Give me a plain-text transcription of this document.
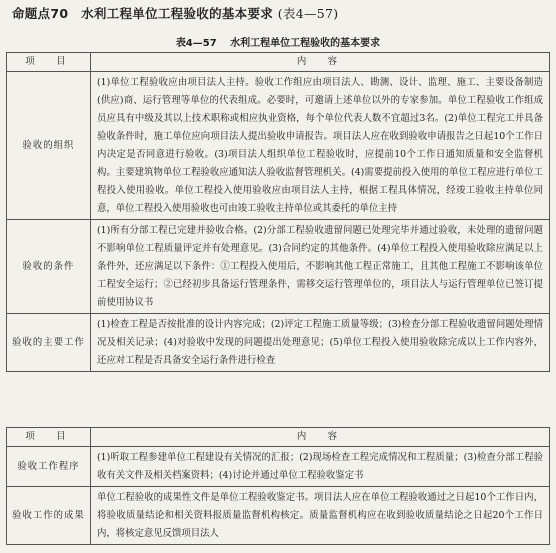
命题点70 水利工程单位工程验收的基本要求 (表4—57)
表4—57 水利工程单位工程验收的基本要求
项　目	内　容
验收的组织	(1)单位工程验收应由项目法人主持。验收工作组应由项目法人、勘测、设计、监理、施工、主要设备制造(供应)商、运行管理等单位的代表组成。必要时，可邀请上述单位以外的专家参加。单位工程验收工作组成员应具有中级及其以上技术职称或相应执业资格，每个单位代表人数不宜超过3名。(2)单位工程完工并具备验收条件时，施工单位应向项目法人提出验收申请报告。项目法人应在收到验收申请报告之日起10个工作日内决定是否同意进行验收。(3)项目法人组织单位工程验收时，应提前10个工作日通知质量和安全监督机构。主要建筑物单位工程验收应通知法人验收监督管理机关。(4)需要提前投入使用的单位工程应进行单位工程投入使用验收。单位工程投入使用验收应由项目法人主持，根据工程具体情况，经竣工验收主持单位同意，单位工程投入使用验收也可由竣工验收主持单位或其委托的单位主持
验收的条件	(1)所有分部工程已完建并验收合格。(2)分部工程验收遗留问题已处理完毕并通过验收，未处理的遗留问题不影响单位工程质量评定并有处理意见。(3)合同约定的其他条件。(4)单位工程投入使用验收除应满足以上条件外，还应满足以下条件：①工程投入使用后，不影响其他工程正常施工，且其他工程施工不影响该单位工程安全运行；②已经初步具备运行管理条件，需移交运行管理单位的，项目法人与运行管理单位已签订提前使用协议书
验收的主要工作	(1)检查工程是否按批准的设计内容完成；(2)评定工程施工质量等级；(3)检查分部工程验收遗留问题处理情况及相关记录；(4)对验收中发现的问题提出处理意见；(5)单位工程投入使用验收除完成以上工作内容外，还应对工程是否具备安全运行条件进行检查
项　目	内　容
验收工作程序	(1)听取工程参建单位工程建设有关情况的汇报；(2)现场检查工程完成情况和工程质量；(3)检查分部工程验收有关文件及相关档案资料；(4)讨论并通过单位工程验收鉴定书
验收工作的成果	单位工程验收的成果性文件是单位工程验收鉴定书。项目法人应在单位工程验收通过之日起10个工作日内，将验收质量结论和相关资料报质量监督机构核定。质量监督机构应在收到验收质量结论之日起20个工作日内，将核定意见反馈项目法人
